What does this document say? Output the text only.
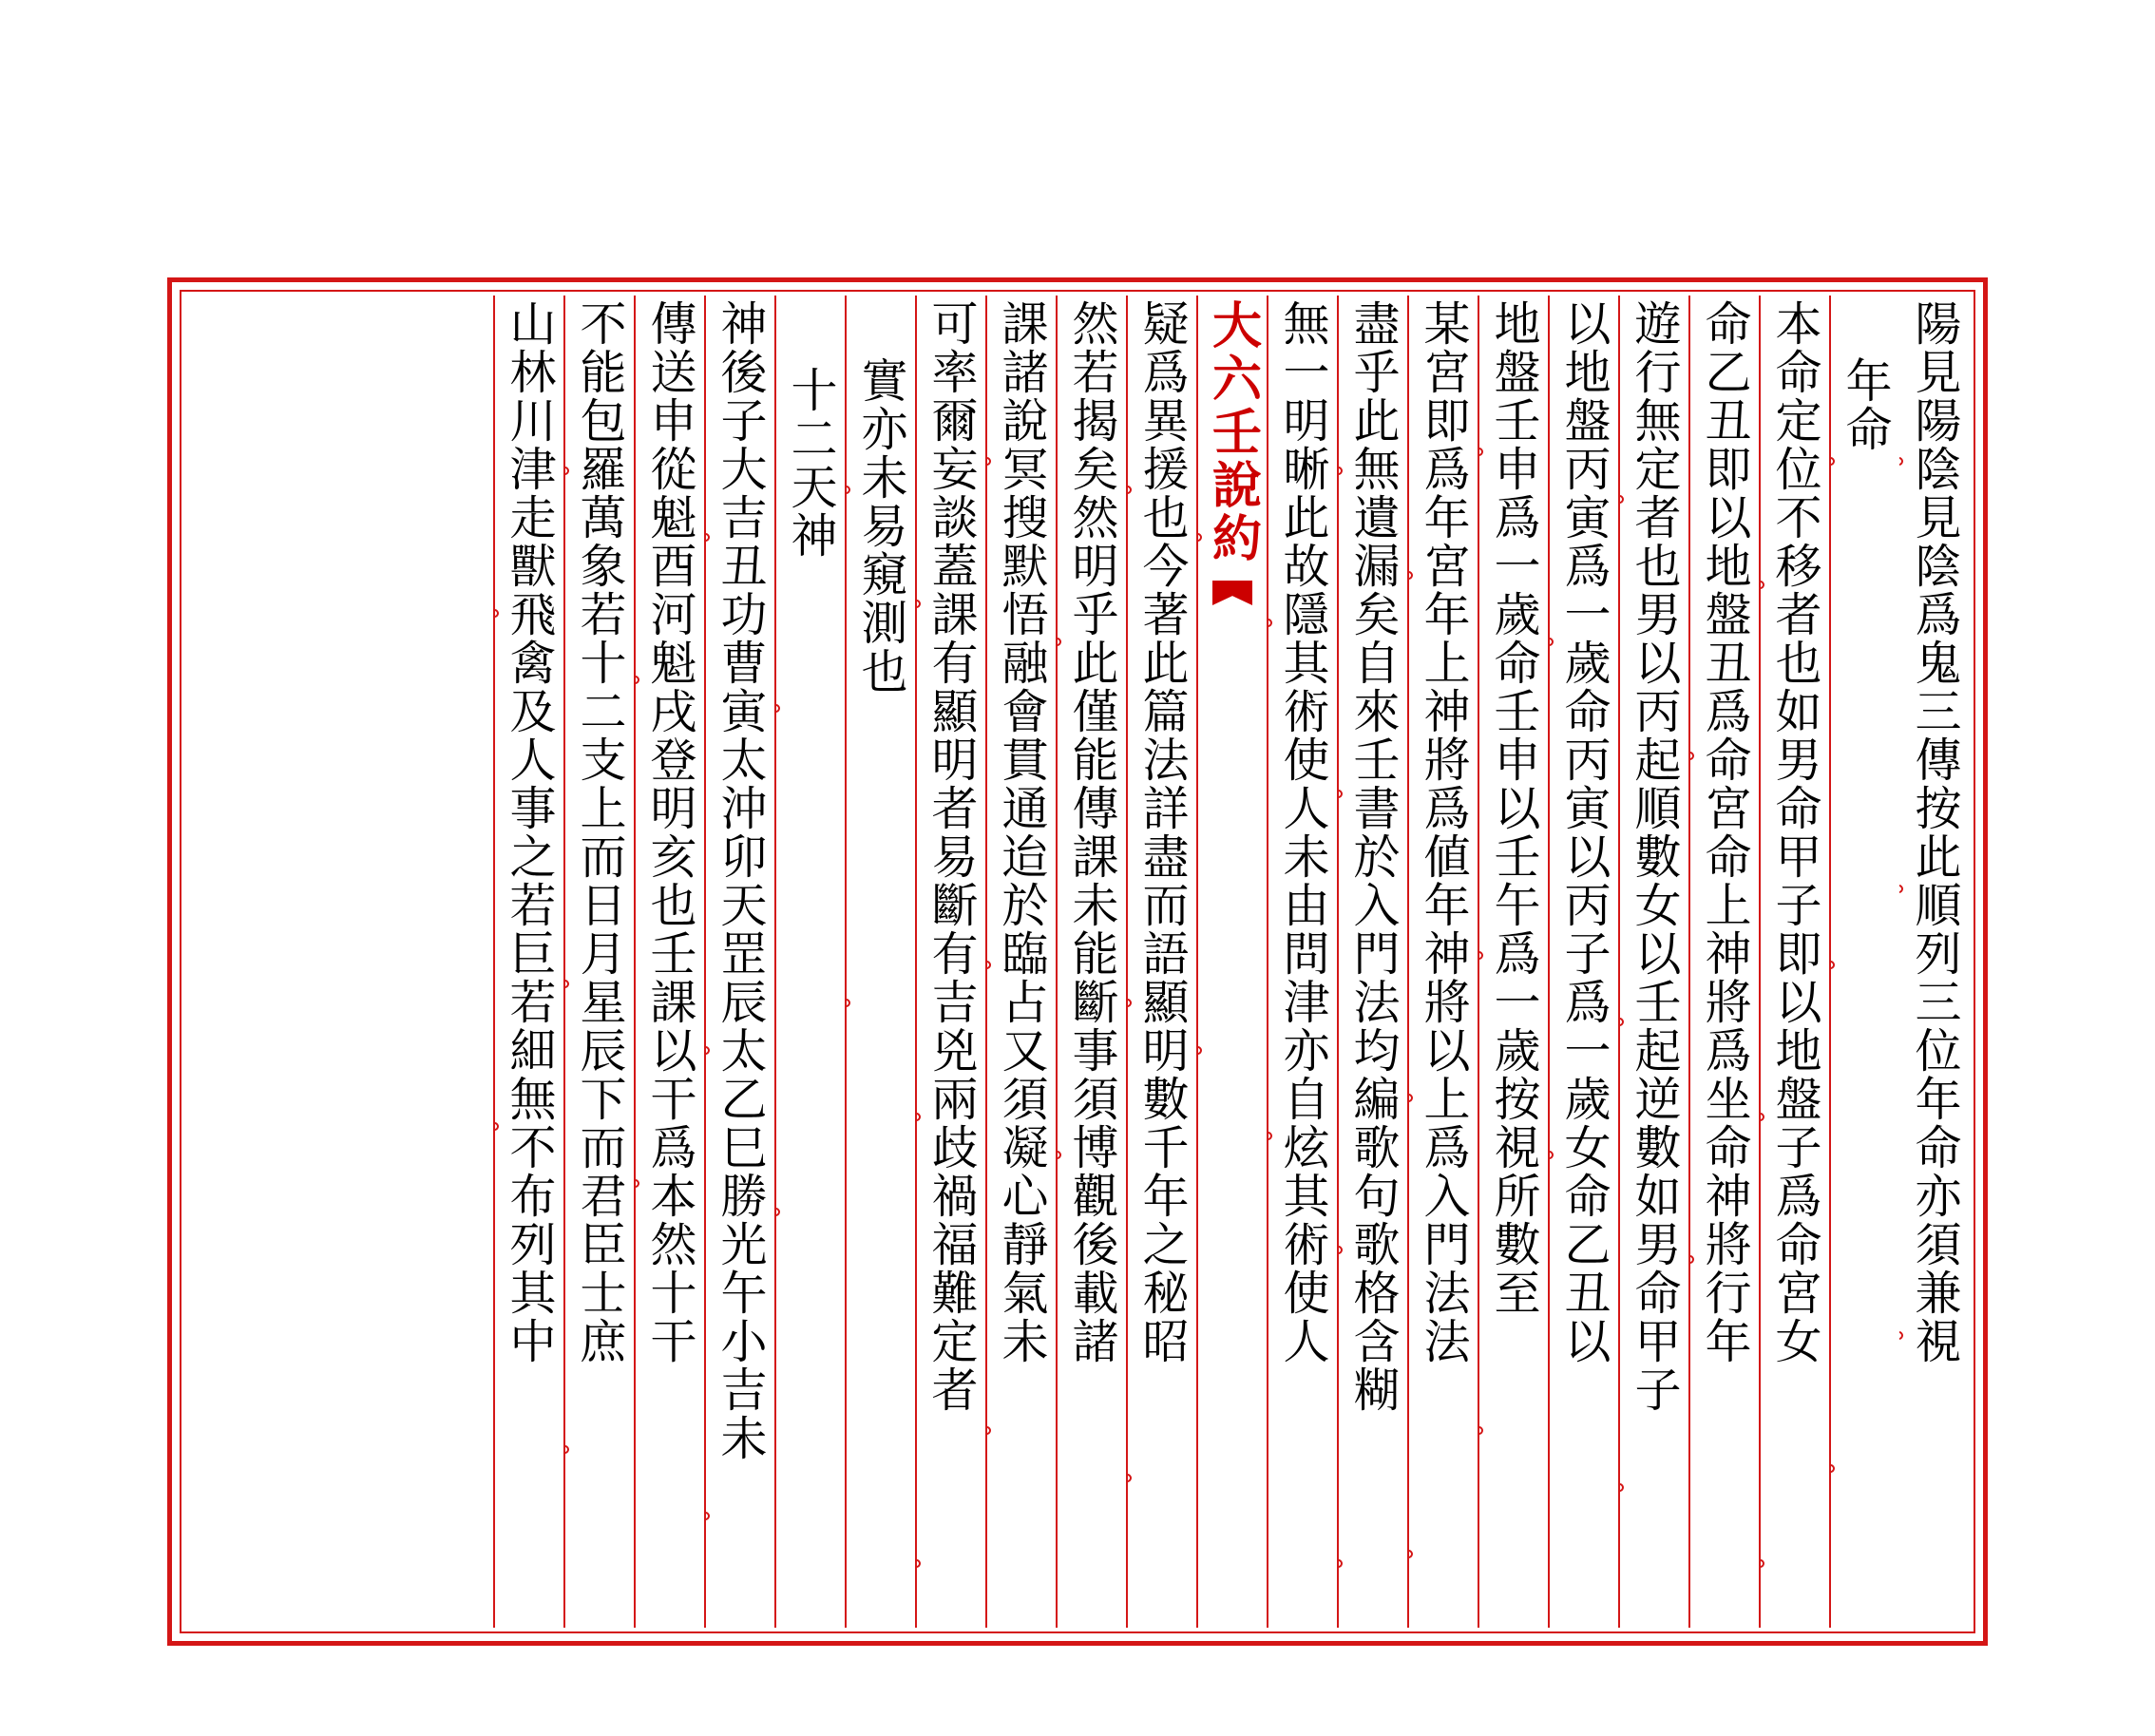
陽見陽陰見陰爲鬼三傳按此順列三位年命亦須兼視
年命
本命定位不移者也如男命甲子即以地盤子爲命宮女
命乙丑即以地盤丑爲命宮命上神將爲坐命神將行年
遊行無定者也男以丙起順數女以壬起逆數如男命甲子
以地盤丙寅爲一歲命丙寅以丙子爲一歲女命乙丑以
地盤壬申爲一歲命壬申以壬午爲一歲按視所數至
某宮即爲年宮年上神將爲値年神將以上爲入門法法
盡乎此無遺漏矣自來壬書於入門法均編歌句歌格含糊
無一明晰此故隱其術使人未由問津亦自炫其術使人
大六壬說約
疑爲異援也今著此篇法詳盡而語顯明數千年之秘昭
然若揭矣然明乎此僅能傳課未能斷事須博觀後載諸
課諸說冥搜默悟融會貫通迨於臨占又須凝心靜氣未
可率爾妄談蓋課有顯明者易斷有吉兇兩歧禍福難定者
實亦未易窺測也
十二天神
神後子大吉丑功曹寅太沖卯天罡辰太乙巳勝光午小吉未
傳送申從魁酉河魁戌登明亥也壬課以干爲本然十干
不能包羅萬象若十二支上而日月星辰下而君臣士庶
山林川津走獸飛禽及人事之若巨若細無不布列其中
